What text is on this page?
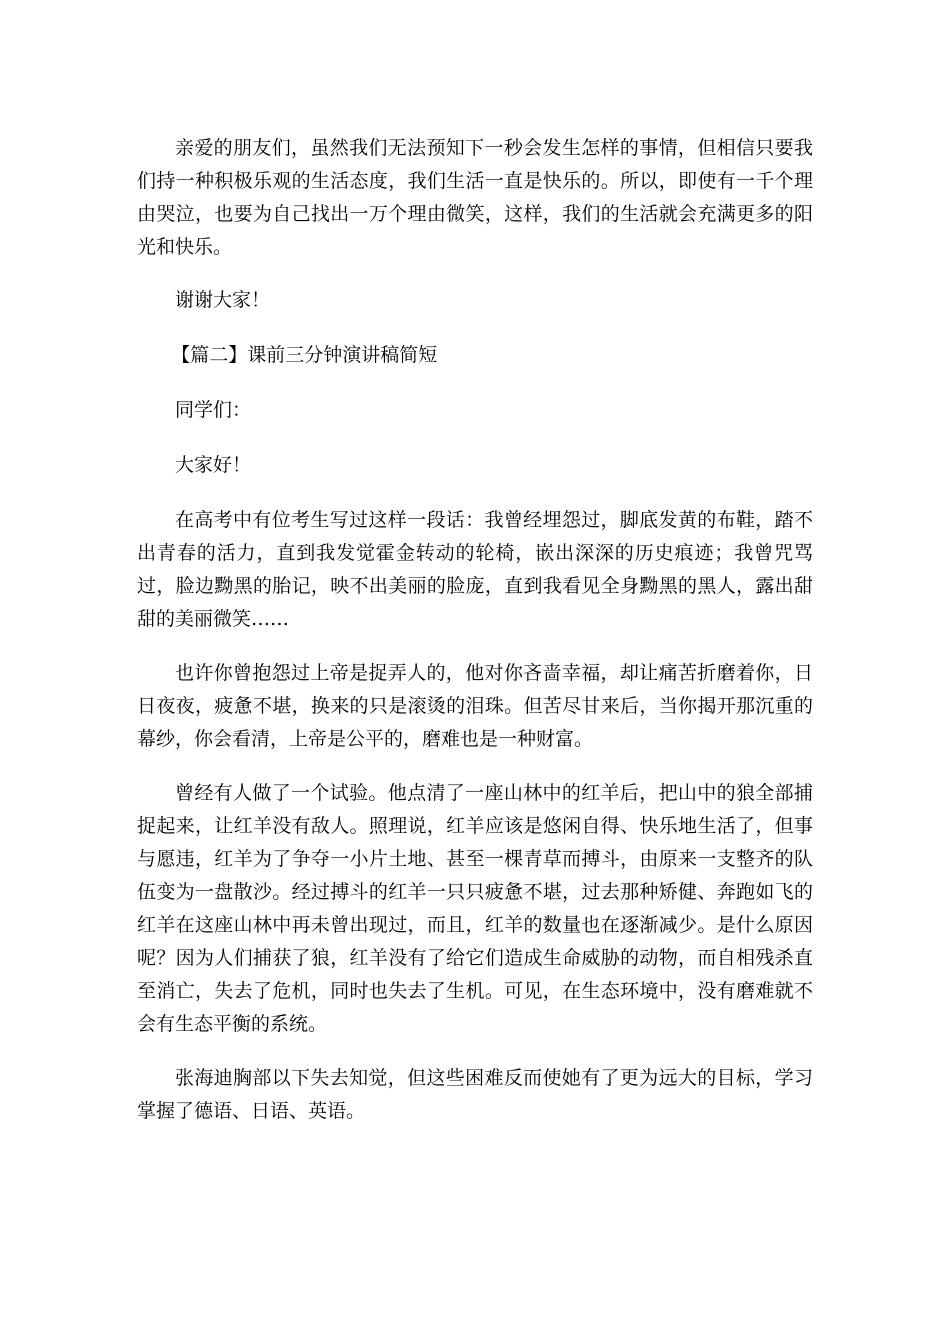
亲爱的朋友们，虽然我们无法预知下一秒会发生怎样的事情，但相信只要我们持一种积极乐观的生活态度，我们生活一直是快乐的。所以，即使有一千个理由哭泣，也要为自己找出一万个理由微笑，这样，我们的生活就会充满更多的阳光和快乐。

谢谢大家！

【篇二】课前三分钟演讲稿简短

同学们：

大家好！

在高考中有位考生写过这样一段话：我曾经埋怨过，脚底发黄的布鞋，踏不出青春的活力，直到我发觉霍金转动的轮椅，嵌出深深的历史痕迹；我曾咒骂过，脸边黝黑的胎记，映不出美丽的脸庞，直到我看见全身黝黑的黑人，露出甜甜的美丽微笑……

也许你曾抱怨过上帝是捉弄人的，他对你吝啬幸福，却让痛苦折磨着你，日日夜夜，疲惫不堪，换来的只是滚烫的泪珠。但苦尽甘来后，当你揭开那沉重的幕纱，你会看清，上帝是公平的，磨难也是一种财富。

曾经有人做了一个试验。他点清了一座山林中的红羊后，把山中的狼全部捕捉起来，让红羊没有敌人。照理说，红羊应该是悠闲自得、快乐地生活了，但事与愿违，红羊为了争夺一小片土地、甚至一棵青草而搏斗，由原来一支整齐的队伍变为一盘散沙。经过搏斗的红羊一只只疲惫不堪，过去那种矫健、奔跑如飞的红羊在这座山林中再未曾出现过，而且，红羊的数量也在逐渐减少。是什么原因呢？因为人们捕获了狼，红羊没有了给它们造成生命威胁的动物，而自相残杀直至消亡，失去了危机，同时也失去了生机。可见，在生态环境中，没有磨难就不会有生态平衡的系统。

张海迪胸部以下失去知觉，但这些困难反而使她有了更为远大的目标，学习掌握了德语、日语、英语。
